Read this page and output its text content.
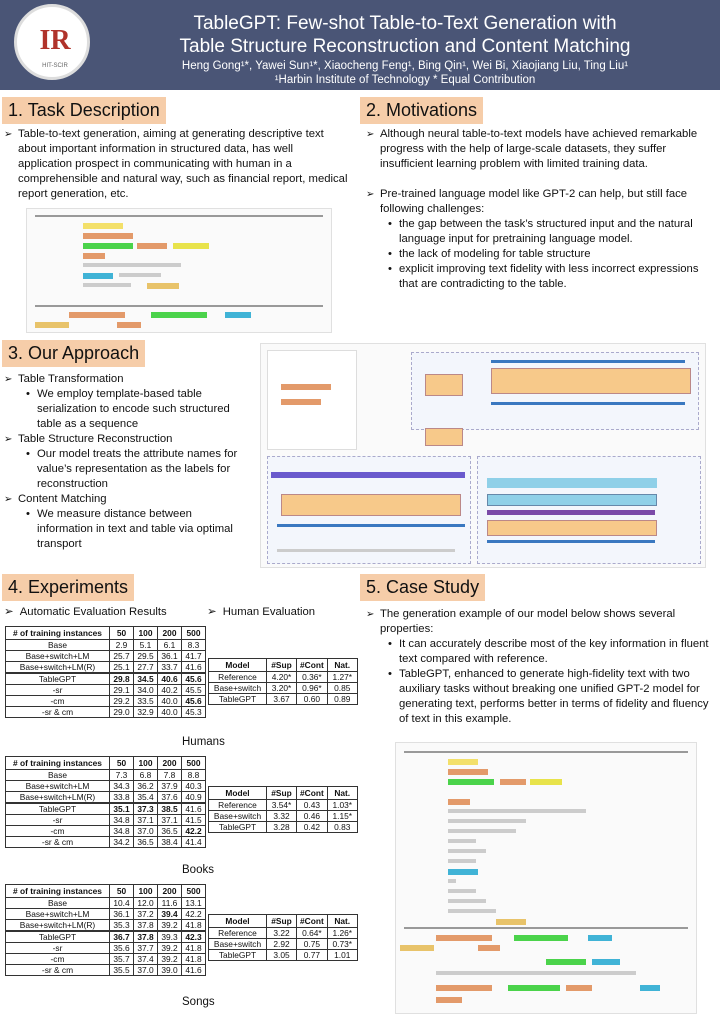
IR
HIT-SCIR
TableGPT: Few-shot Table-to-Text Generation with
Table Structure Reconstruction and Content Matching
Heng Gong¹*, Yawei Sun¹*, Xiaocheng Feng¹, Bing Qin¹, Wei Bi, Xiaojiang Liu, Ting Liu¹
¹Harbin Institute of Technology * Equal Contribution
1. Task Description
➢ Table-to-text generation, aiming at generating descriptive text about important information in structured data, has well application prospect in communicating with human in a comprehensible and natural way, such as financial report, medical report generation, etc.
2. Motivations
➢ Although neural table-to-text models have achieved remarkable progress with the help of large-scale datasets, they suffer insufficient learning problem with limited training data.
➢ Pre-trained language model like GPT-2 can help, but still face following challenges:
• the gap between the task’s structured input and the natural language input for pretraining language model.
• the lack of modeling for table structure
• explicit improving text fidelity with less incorrect expressions that are contradicting to the table.
3. Our Approach
➢ Table Transformation
• We employ template-based table serialization to encode such structured table as a sequence
➢ Table Structure Reconstruction
• Our model treats the attribute names for value’s representation as the labels for reconstruction
➢ Content Matching
• We measure distance between information in text and table via optimal transport
4. Experiments
➢  Automatic Evaluation Results	➢  Human Evaluation
# of training instances	50	100	200	500
Base	2.9	5.1	6.1	8.3
Base+switch+LM	25.7	29.5	36.1	41.7
Base+switch+LM(R)	25.1	27.7	33.7	41.6
TableGPT	29.8	34.5	40.6	45.6
-sr	29.1	34.0	40.2	45.5
-cm	29.2	33.5	40.0	45.6
-sr & cm	29.0	32.9	40.0	45.3
Model	#Sup	#Cont	Nat.
Reference	4.20*	0.36*	1.27*
Base+switch	3.20*	0.96*	0.85
TableGPT	3.67	0.60	0.89
Humans
# of training instances	50	100	200	500
Base	7.3	6.8	7.8	8.8
Base+switch+LM	34.3	36.2	37.9	40.3
Base+switch+LM(R)	33.8	35.4	37.6	40.9
TableGPT	35.1	37.3	38.5	41.6
-sr	34.8	37.1	37.1	41.5
-cm	34.8	37.0	36.5	42.2
-sr & cm	34.2	36.5	38.4	41.4
Model	#Sup	#Cont	Nat.
Reference	3.54*	0.43	1.03*
Base+switch	3.32	0.46	1.15*
TableGPT	3.28	0.42	0.83
Books
# of training instances	50	100	200	500
Base	10.4	12.0	11.6	13.1
Base+switch+LM	36.1	37.2	39.4	42.2
Base+switch+LM(R)	35.3	37.8	39.2	41.8
TableGPT	36.7	37.8	39.3	42.3
-sr	35.6	37.7	39.2	41.8
-cm	35.7	37.4	39.2	41.8
-sr & cm	35.5	37.0	39.0	41.6
Model	#Sup	#Cont	Nat.
Reference	3.22	0.64*	1.26*
Base+switch	2.92	0.75	0.73*
TableGPT	3.05	0.77	1.01
Songs
5. Case Study
➢ The generation example of our model below shows several properties:
• It can accurately describe most of the key information in fluent text compared with reference.
• TableGPT, enhanced to generate high-fidelity text with two auxiliary tasks without breaking one unified GPT-2 model for generating text, performs better in terms of fidelity and fluency of text in this example.
